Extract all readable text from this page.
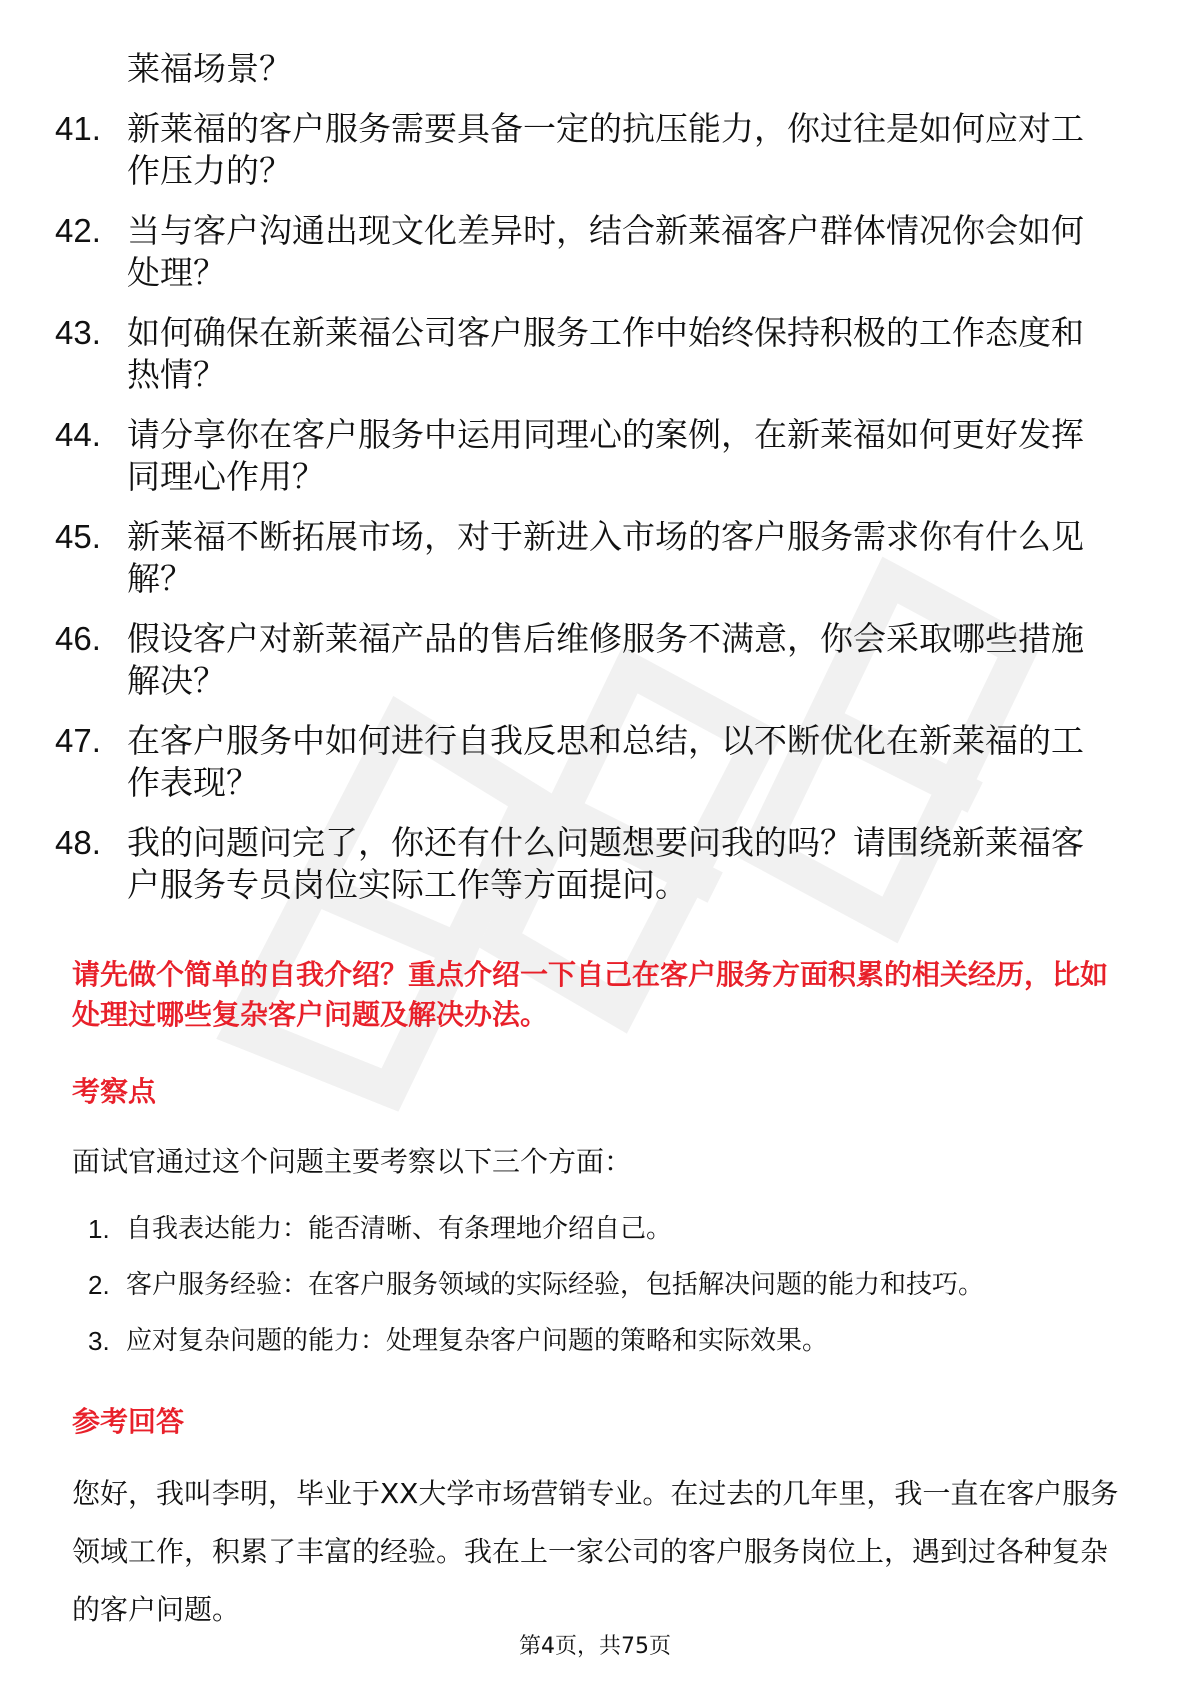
莱福场景？
41. 新莱福的客户服务需要具备一定的抗压能力，你过往是如何应对工作压力的？
42. 当与客户沟通出现文化差异时，结合新莱福客户群体情况你会如何处理？
43. 如何确保在新莱福公司客户服务工作中始终保持积极的工作态度和热情？
44. 请分享你在客户服务中运用同理心的案例，在新莱福如何更好发挥同理心作用？
45. 新莱福不断拓展市场，对于新进入市场的客户服务需求你有什么见解？
46. 假设客户对新莱福产品的售后维修服务不满意，你会采取哪些措施解决？
47. 在客户服务中如何进行自我反思和总结，以不断优化在新莱福的工作表现？
48. 我的问题问完了，你还有什么问题想要问我的吗？请围绕新莱福客户服务专员岗位实际工作等方面提问。
请先做个简单的自我介绍？重点介绍一下自己在客户服务方面积累的相关经历，比如处理过哪些复杂客户问题及解决办法。
考察点
面试官通过这个问题主要考察以下三个方面：
1. 自我表达能力：能否清晰、有条理地介绍自己。
2. 客户服务经验：在客户服务领域的实际经验，包括解决问题的能力和技巧。
3. 应对复杂问题的能力：处理复杂客户问题的策略和实际效果。
参考回答
您好，我叫李明，毕业于XX大学市场营销专业。在过去的几年里，我一直在客户服务领域工作，积累了丰富的经验。我在上一家公司的客户服务岗位上，遇到过各种复杂的客户问题。
第4页，共75页
